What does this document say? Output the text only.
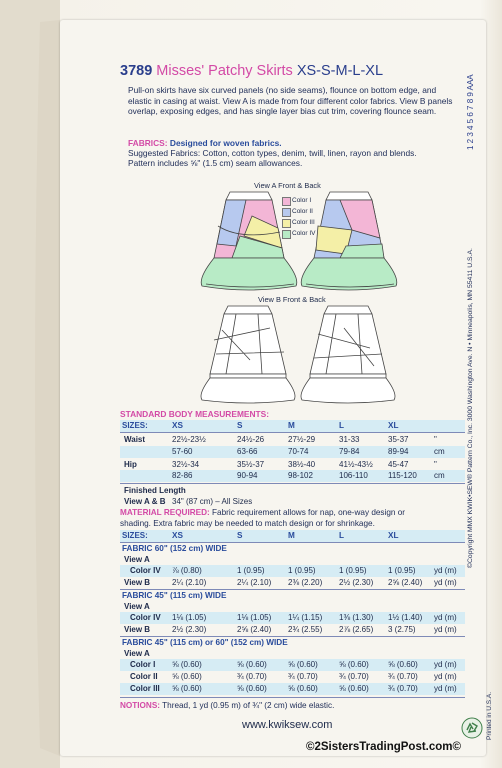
3789 Misses' Patchy Skirts XS-S-M-L-XL
1 2 3 4 5 6 7 8 9 AAA
Pull-on skirts have six curved panels (no side seams), flounce on bottom edge, and elastic in casing at waist. View A is made from four different color fabrics. View B panels overlap, exposing edges, and has single layer bias cut trim, covering flounce seam.
FABRICS: Designed for woven fabrics.
Suggested Fabrics: Cotton, cotton types, denim, twill, linen, rayon and blends.
Pattern includes ⅝" (1.5 cm) seam allowances.
View A Front & Back
Color I
Color II
Color III
Color IV
View B Front & Back	©Copyright MMX KWIK•SEW® Pattern Co., Inc. 3000 Washington Ave. N • Minneapolis, MN 55411 U.S.A.
STANDARD BODY MEASUREMENTS:
SIZES:	XS	S	M	L	XL
Waist	22½-23½	24½-26	27½-29	31-33	35-37	"
57-60	63-66	70-74	79-84	89-94	cm
Hip	32½-34	35½-37	38½-40	41½-43½ 45-47	"
82-86	90-94	98-102	106-110	115-120 cm
Finished Length
View A & B 34" (87 cm) – All Sizes
MATERIAL REQUIRED: Fabric requirement allows for nap, one-way design or
shading. Extra fabric may be needed to match design or for shrinkage.
SIZES:	XS	S	M	L	XL
FABRIC 60" (152 cm) WIDE
View A
Color IV ⅞ (0.80)	1 (0.95)	1 (0.95)	1 (0.95)	1 (0.95) yd (m)
View B	2¼ (2.10)	2¼ (2.10) 2⅜ (2.20) 2½ (2.30) 2⅝ (2.40) yd (m)
FABRIC 45" (115 cm) WIDE
View A
Color IV 1⅛ (1.05)	1⅛ (1.05) 1¼ (1.15) 1⅜ (1.30) 1½ (1.40) yd (m)
View B	2½ (2.30)	2⅝ (2.40) 2¾ (2.55) 2⅞ (2.65) 3 (2.75) yd (m)
FABRIC 45" (115 cm) or 60" (152 cm) WIDE
View A
Color I ⅝ (0.60)	⅝ (0.60)	⅝ (0.60)	⅝ (0.60) ⅝ (0.60) yd (m)
Color II ⅝ (0.60)	¾ (0.70)	¾ (0.70)	¾ (0.70) ¾ (0.70) yd (m)
Color III ⅝ (0.60)	⅝ (0.60)	⅝ (0.60)	⅝ (0.60) ¾ (0.70) yd (m)
NOTIONS: Thread, 1 yd (0.95 m) of ¾" (2 cm) wide elastic.
www.kwiksew.com	Printed in U.S.A.
©2SistersTradingPost.com©
